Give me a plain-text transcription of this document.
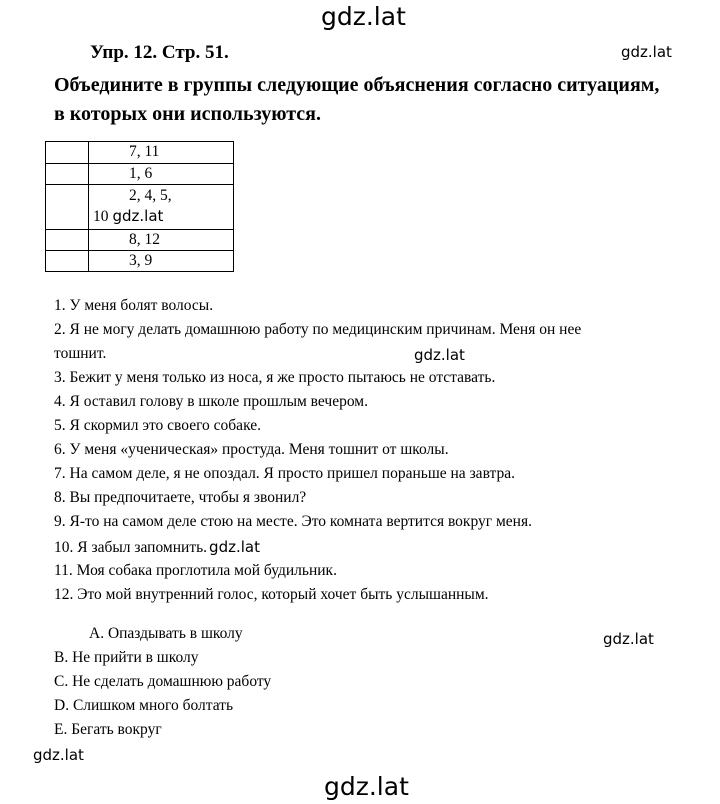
gdz.lat
gdz.lat
gdz.lat
gdz.lat
gdz.lat
gdz.lat
Упр. 12. Стр. 51.
Объедините в группы следующие объяснения согласно ситуациям,
в которых они используются.

	7, 11

	1, 6

	2, 4, 5,
10 gdz.lat

	8, 12

	3, 9
1. У меня болят волосы.
2. Я не могу делать домашнюю работу по медицинским причинам. Меня он нее
тошнит.
3. Бежит у меня только из носа, я же просто пытаюсь не отставать.
4. Я оставил голову в школе прошлым вечером.
5. Я скормил это своего собаке.
6. У меня «ученическая» простуда. Меня тошнит от школы.
7. На самом деле, я не опоздал. Я просто пришел пораньше на завтра.
8. Вы предпочитаете, чтобы я звонил?
9. Я-то на самом деле стою на месте. Это комната вертится вокруг меня.
10. Я забыл запомнить. gdz.lat
11. Моя собака проглотила мой будильник.
12. Это мой внутренний голос, который хочет быть услышанным.
A. Опаздывать в школу
B. Не прийти в школу
C. Не сделать домашнюю работу
D. Слишком много болтать
E. Бегать вокруг
